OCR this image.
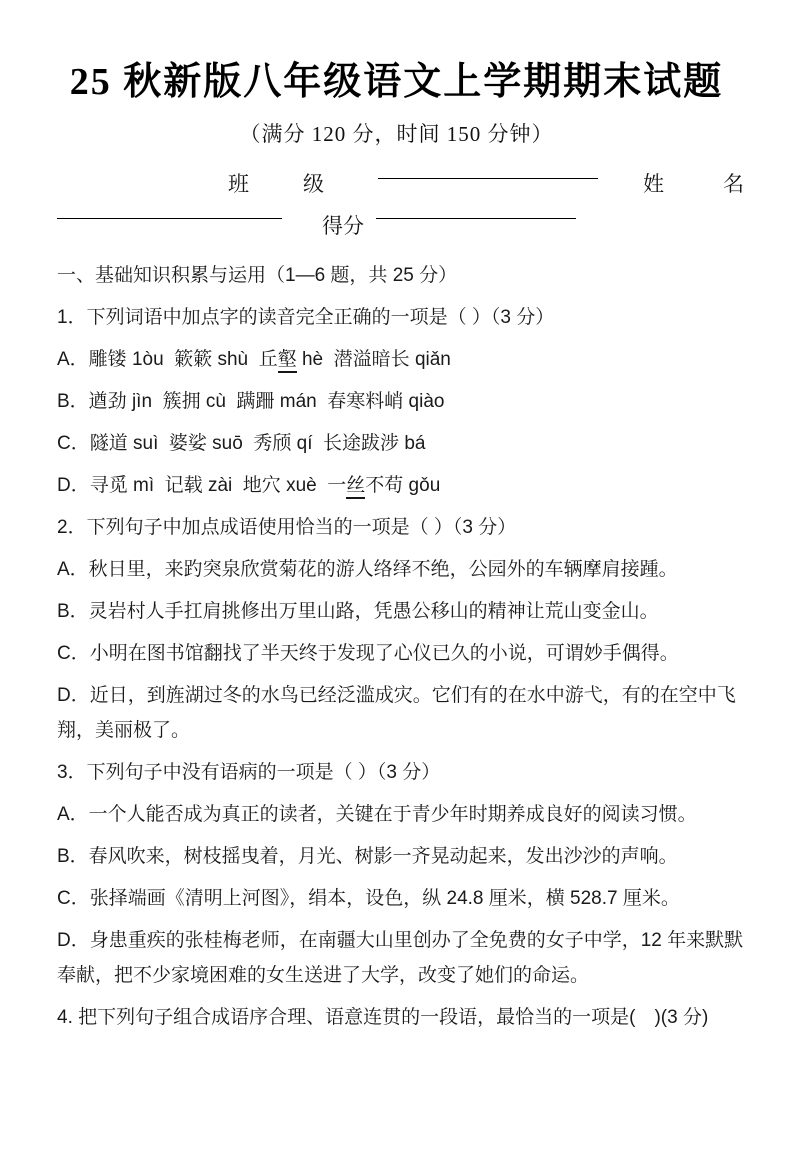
25 秋新版八年级语文上学期期末试题

（满分 120 分，时间 150 分钟）

班	级	姓	名
得分

一、基础知识积累与运用（1—6 题，共 25 分）

1．下列词语中加点字的读音完全正确的一项是（ ）（3 分）

A．雕镂 1òu  簌簌 shù  丘壑 hè  潜溢暗长 qiǎn

B．遒劲 jìn  簇拥 cù  蹒跚 mán  春寒料峭 qiào

C．隧道 suì  婆娑 suō  秀颀 qí  长途跋涉 bá

D．寻觅 mì  记载 zài  地穴 xuè  一丝不苟 gǒu

2．下列句子中加点成语使用恰当的一项是（ ）（3 分）

A．秋日里，来趵突泉欣赏菊花的游人络绎不绝，公园外的车辆摩肩接踵。

B．灵岩村人手扛肩挑修出万里山路，凭愚公移山的精神让荒山变金山。

C．小明在图书馆翻找了半天终于发现了心仪已久的小说，可谓妙手偶得。

D．近日，到旌湖过冬的水鸟已经泛滥成灾。它们有的在水中游弋，有的在空中飞翔，美丽极了。

3．下列句子中没有语病的一项是（ ）（3 分）

A．一个人能否成为真正的读者，关键在于青少年时期养成良好的阅读习惯。

B．春风吹来，树枝摇曳着，月光、树影一齐晃动起来，发出沙沙的声响。

C．张择端画《清明上河图》，绢本，设色，纵 24.8 厘米，横 528.7 厘米。

D．身患重疾的张桂梅老师，在南疆大山里创办了全免费的女子中学，12 年来默默奉献，把不少家境困难的女生送进了大学，改变了她们的命运。

4. 把下列句子组合成语序合理、语意连贯的一段语，最恰当的一项是(　)(3 分)
